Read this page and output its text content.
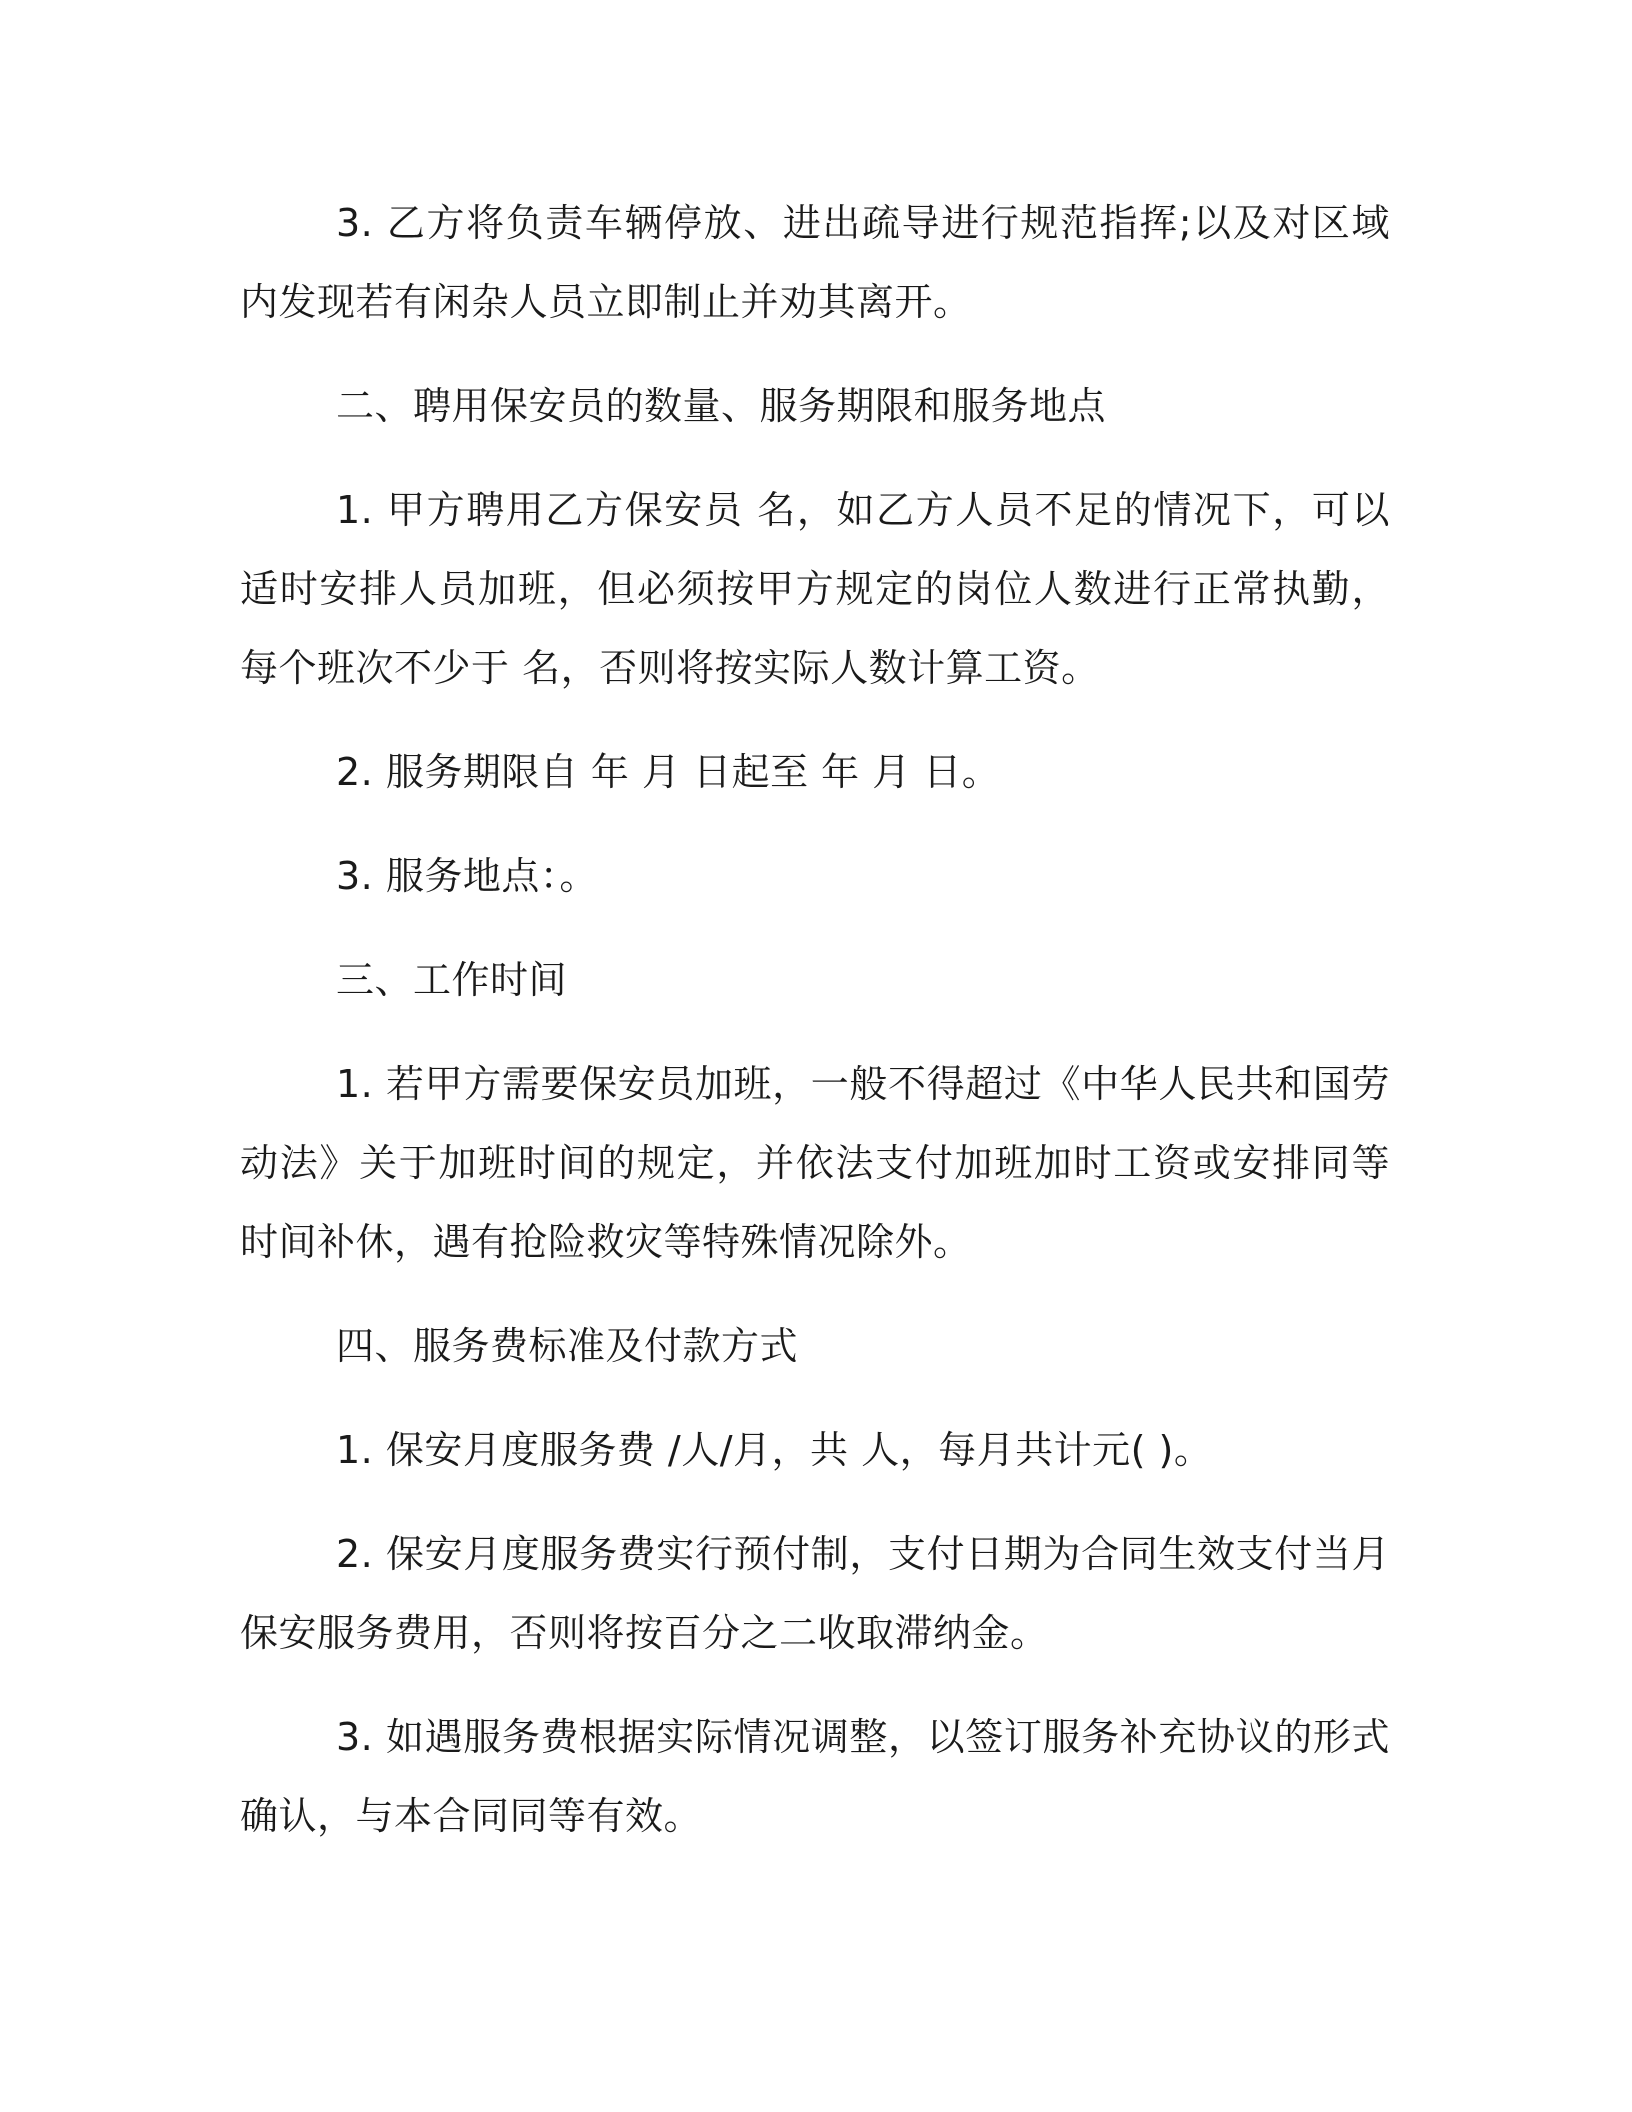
3. 乙方将负责车辆停放、进出疏导进行规范指挥;以及对区域内发现若有闲杂人员立即制止并劝其离开。

二、聘用保安员的数量、服务期限和服务地点

1. 甲方聘用乙方保安员 名，如乙方人员不足的情况下，可以适时安排人员加班，但必须按甲方规定的岗位人数进行正常执勤，每个班次不少于 名，否则将按实际人数计算工资。

2. 服务期限自 年 月 日起至 年 月 日。

3. 服务地点：。

三、工作时间

1. 若甲方需要保安员加班，一般不得超过《中华人民共和国劳动法》关于加班时间的规定，并依法支付加班加时工资或安排同等时间补休，遇有抢险救灾等特殊情况除外。

四、服务费标准及付款方式

1. 保安月度服务费 /人/月，共 人，每月共计元( )。

2. 保安月度服务费实行预付制，支付日期为合同生效支付当月保安服务费用，否则将按百分之二收取滞纳金。

3. 如遇服务费根据实际情况调整，以签订服务补充协议的形式确认，与本合同同等有效。
